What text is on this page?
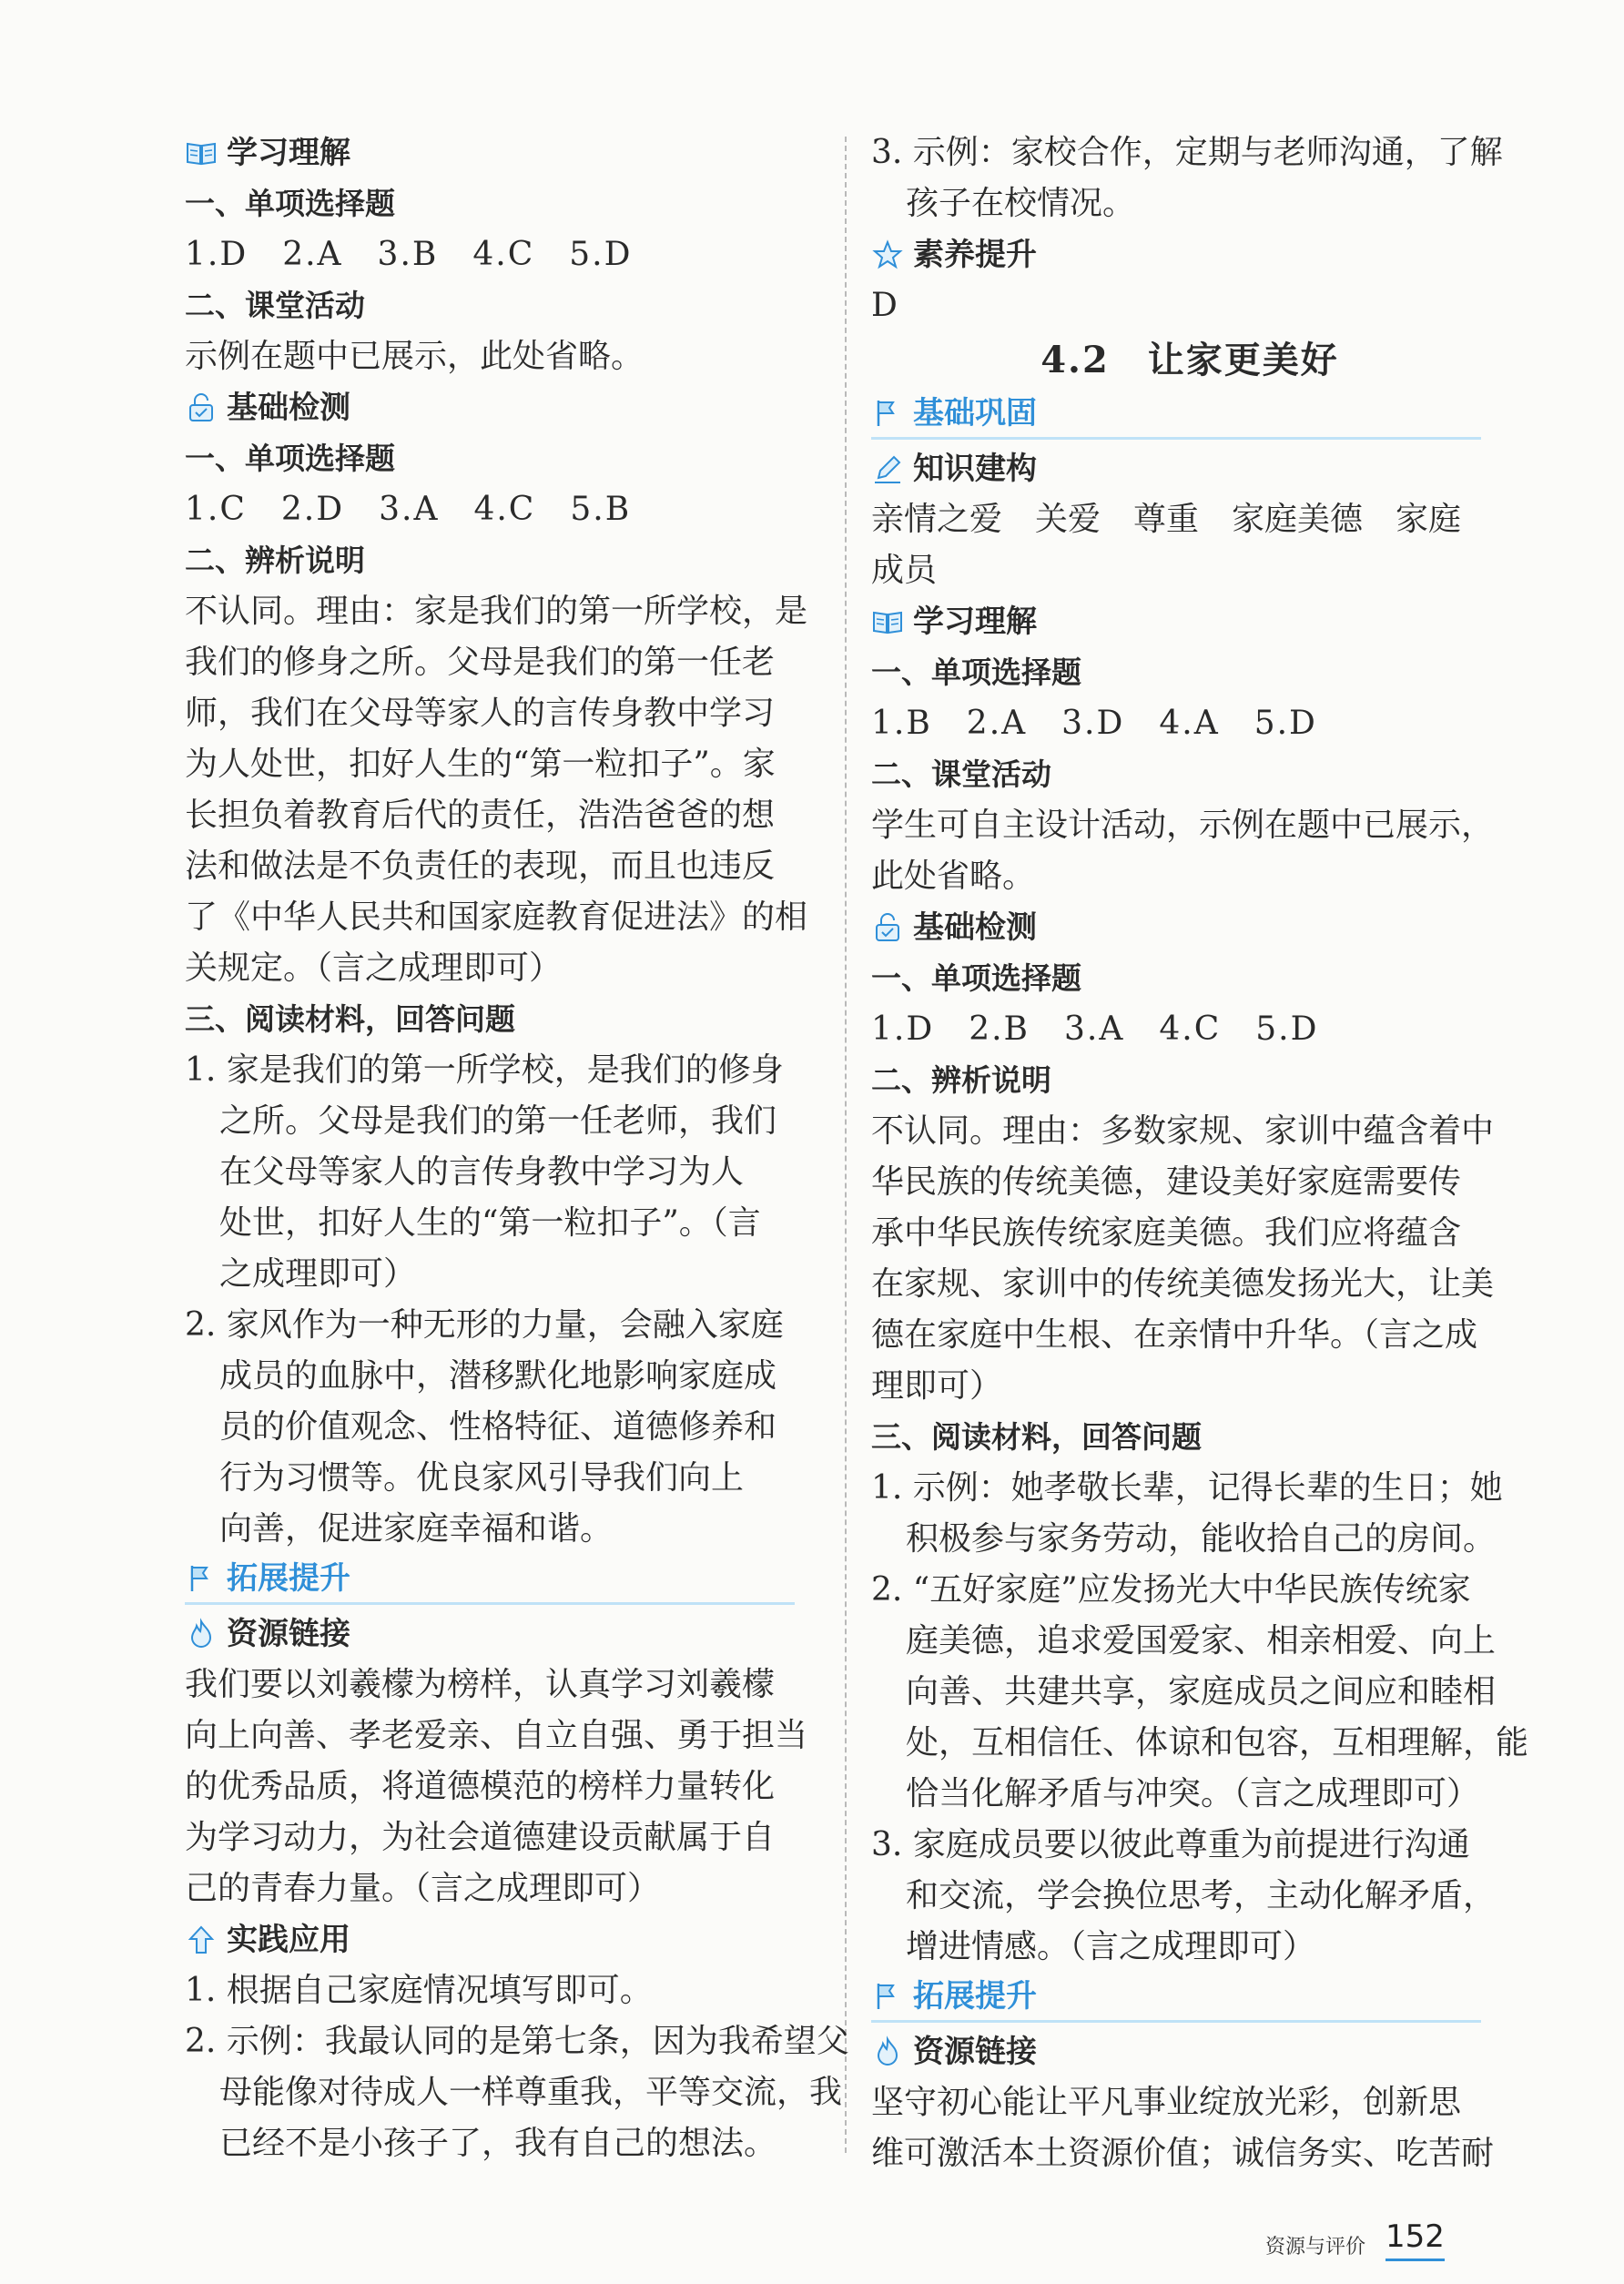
学习理解

一、单项选择题

1.D　2.A　3.B　4.C　5.D

二、课堂活动

示例在题中已展示，此处省略。

基础检测

一、单项选择题

1.C　2.D　3.A　4.C　5.B

二、辨析说明

不认同。理由：家是我们的第一所学校，是

我们的修身之所。父母是我们的第一任老

师，我们在父母等家人的言传身教中学习

为人处世，扣好人生的“第一粒扣子”。家

长担负着教育后代的责任，浩浩爸爸的想

法和做法是不负责任的表现，而且也违反

了《中华人民共和国家庭教育促进法》的相

关规定。（言之成理即可）

三、阅读材料，回答问题

1. 家是我们的第一所学校，是我们的修身

之所。父母是我们的第一任老师，我们

在父母等家人的言传身教中学习为人

处世，扣好人生的“第一粒扣子”。（言

之成理即可）

2. 家风作为一种无形的力量，会融入家庭

成员的血脉中，潜移默化地影响家庭成

员的价值观念、性格特征、道德修养和

行为习惯等。优良家风引导我们向上

向善，促进家庭幸福和谐。

拓展提升
资源链接

我们要以刘羲檬为榜样，认真学习刘羲檬

向上向善、孝老爱亲、自立自强、勇于担当

的优秀品质，将道德模范的榜样力量转化

为学习动力，为社会道德建设贡献属于自

己的青春力量。（言之成理即可）

实践应用

1. 根据自己家庭情况填写即可。

2. 示例：我最认同的是第七条，因为我希望父

母能像对待成人一样尊重我，平等交流，我

已经不是小孩子了，我有自己的想法。

3. 示例：家校合作，定期与老师沟通，了解

孩子在校情况。

素养提升

D

4.2　让家更美好

基础巩固
知识建构

亲情之爱　关爱　尊重　家庭美德　家庭

成员

学习理解

一、单项选择题

1.B　2.A　3.D　4.A　5.D

二、课堂活动

学生可自主设计活动，示例在题中已展示，

此处省略。

基础检测

一、单项选择题

1.D　2.B　3.A　4.C　5.D

二、辨析说明

不认同。理由：多数家规、家训中蕴含着中

华民族的传统美德，建设美好家庭需要传

承中华民族传统家庭美德。我们应将蕴含

在家规、家训中的传统美德发扬光大，让美

德在家庭中生根、在亲情中升华。（言之成

理即可）

三、阅读材料，回答问题

1. 示例：她孝敬长辈，记得长辈的生日；她

积极参与家务劳动，能收拾自己的房间。

2. “五好家庭”应发扬光大中华民族传统家

庭美德，追求爱国爱家、相亲相爱、向上

向善、共建共享，家庭成员之间应和睦相

处，互相信任、体谅和包容，互相理解，能

恰当化解矛盾与冲突。（言之成理即可）

3. 家庭成员要以彼此尊重为前提进行沟通

和交流，学会换位思考，主动化解矛盾，

增进情感。（言之成理即可）

拓展提升
资源链接

坚守初心能让平凡事业绽放光彩，创新思

维可激活本土资源价值；诚信务实、吃苦耐

资源与评价 152
